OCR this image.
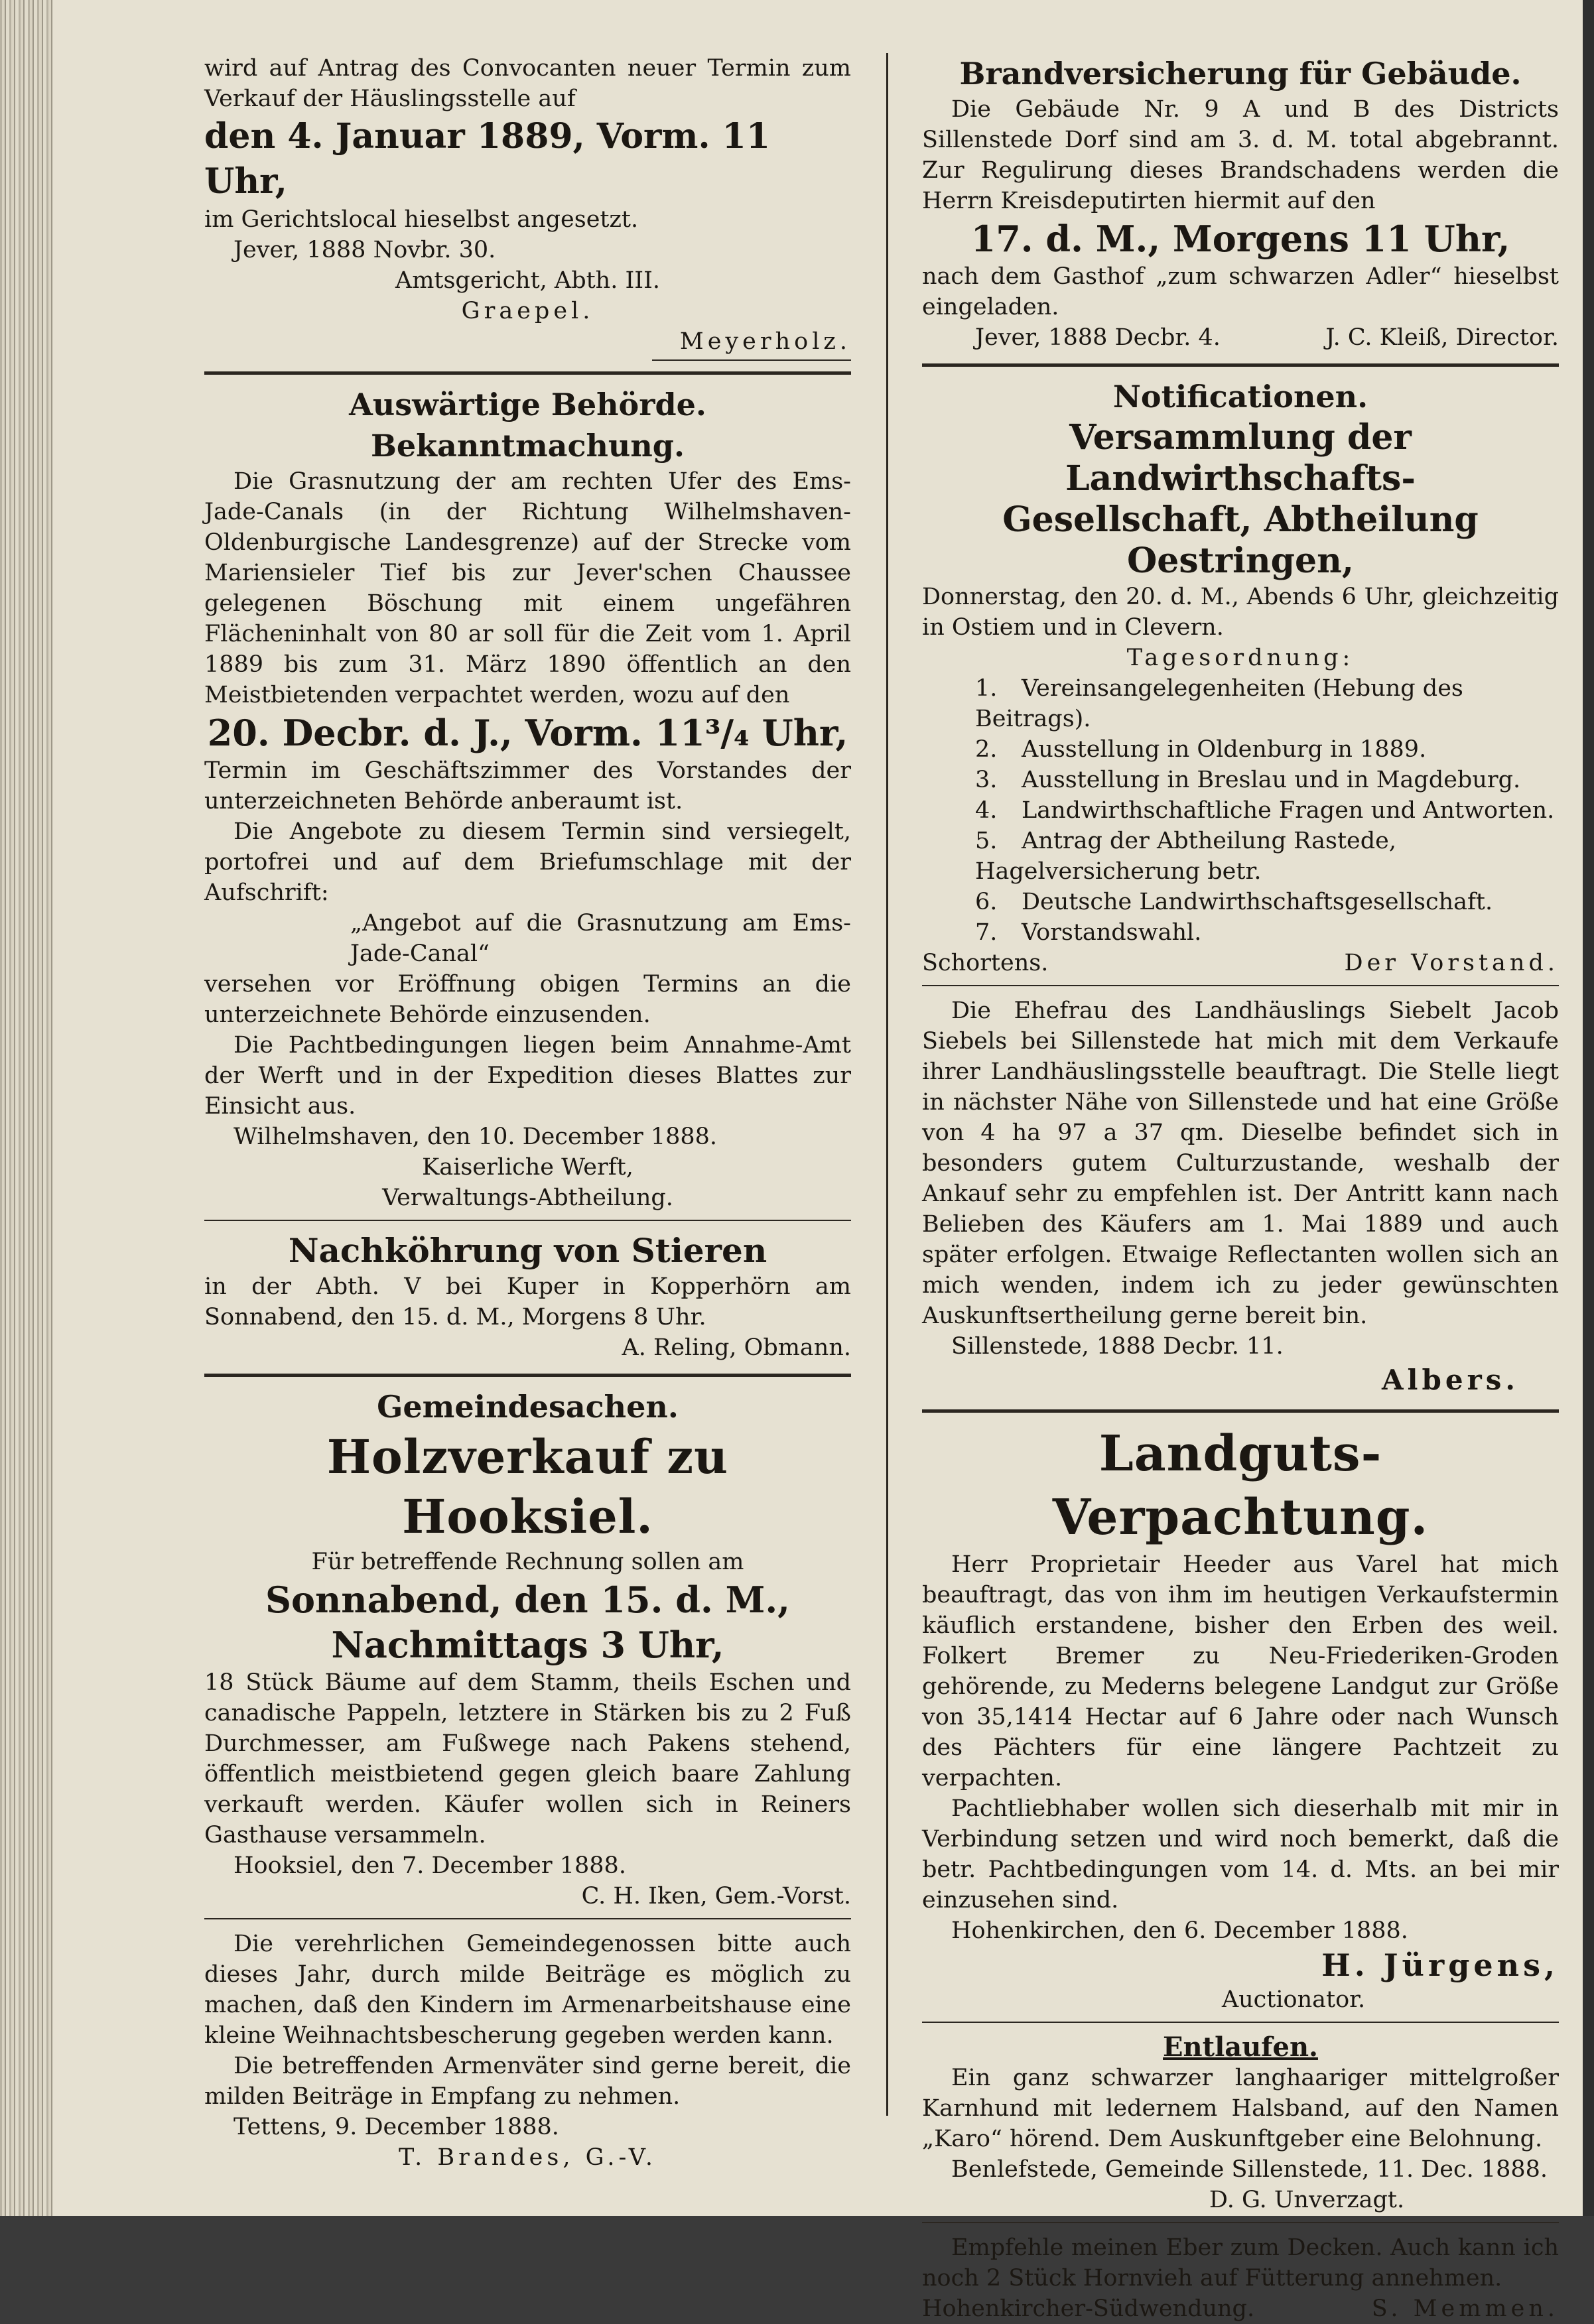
wird auf Antrag des Convocanten neuer Termin zum Verkauf der Häuslingsstelle auf

den 4. Januar 1889, Vorm. 11 Uhr,

im Gerichtslocal hieselbst angesetzt.

Jever, 1888 Novbr. 30.

Amtsgericht, Abth. III.

Graepel.

Meyerholz.

Auswärtige Behörde.

Bekanntmachung.

Die Grasnutzung der am rechten Ufer des Ems-Jade-Canals (in der Richtung Wilhelmshaven-Oldenburgische Landesgrenze) auf der Strecke vom Mariensieler Tief bis zur Jever'schen Chaussee gelegenen Böschung mit einem ungefähren Flächeninhalt von 80 ar soll für die Zeit vom 1. April 1889 bis zum 31. März 1890 öffentlich an den Meistbietenden verpachtet werden, wozu auf den

20. Decbr. d. J., Vorm. 11³/₄ Uhr,

Termin im Geschäftszimmer des Vorstandes der unterzeichneten Behörde anberaumt ist.

Die Angebote zu diesem Termin sind versiegelt, portofrei und auf dem Briefumschlage mit der Aufschrift:

„Angebot auf die Grasnutzung am Ems-Jade-Canal“

versehen vor Eröffnung obigen Termins an die unterzeichnete Behörde einzusenden.

Die Pachtbedingungen liegen beim Annahme-Amt der Werft und in der Expedition dieses Blattes zur Einsicht aus.

Wilhelmshaven, den 10. December 1888.

Kaiserliche Werft,

Verwaltungs-Abtheilung.

Nachköhrung von Stieren

in der Abth. V bei Kuper in Kopperhörn am Sonnabend, den 15. d. M., Morgens 8 Uhr.

A. Reling, Obmann.

Gemeindesachen.

Holzverkauf zu Hooksiel.

Für betreffende Rechnung sollen am

Sonnabend, den 15. d. M.,

Nachmittags 3 Uhr,

18 Stück Bäume auf dem Stamm, theils Eschen und canadische Pappeln, letztere in Stärken bis zu 2 Fuß Durchmesser, am Fußwege nach Pakens stehend, öffentlich meistbietend gegen gleich baare Zahlung verkauft werden. Käufer wollen sich in Reiners Gasthause versammeln.

Hooksiel, den 7. December 1888.

C. H. Iken, Gem.-Vorst.

Die verehrlichen Gemeindegenossen bitte auch dieses Jahr, durch milde Beiträge es möglich zu machen, daß den Kindern im Armenarbeitshause eine kleine Weihnachtsbescherung gegeben werden kann.

Die betreffenden Armenväter sind gerne bereit, die milden Beiträge in Empfang zu nehmen.

Tettens, 9. December 1888.

T. Brandes, G.-V.

Brandversicherung für Gebäude.

Die Gebäude Nr. 9 A und B des Districts Sillenstede Dorf sind am 3. d. M. total abgebrannt. Zur Regulirung dieses Brandschadens werden die Herrn Kreisdeputirten hiermit auf den

17. d. M., Morgens 11 Uhr,

nach dem Gasthof „zum schwarzen Adler“ hieselbst eingeladen.

Jever, 1888 Decbr. 4.	J. C. Kleiß, Director.

Notificationen.

Versammlung der Landwirthschafts-

Gesellschaft, Abtheilung Oestringen,

Donnerstag, den 20. d. M., Abends 6 Uhr, gleichzeitig in Ostiem und in Clevern.

Tagesordnung:

1. Vereinsangelegenheiten (Hebung des Beitrags).
2. Ausstellung in Oldenburg in 1889.
3. Ausstellung in Breslau und in Magdeburg.
4. Landwirthschaftliche Fragen und Antworten.
5. Antrag der Abtheilung Rastede, Hagelversicherung betr.
6. Deutsche Landwirthschaftsgesellschaft.
7. Vorstandswahl.
Schortens.	Der Vorstand.

Die Ehefrau des Landhäuslings Siebelt Jacob Siebels bei Sillenstede hat mich mit dem Verkaufe ihrer Landhäuslingsstelle beauftragt. Die Stelle liegt in nächster Nähe von Sillenstede und hat eine Größe von 4 ha 97 a 37 qm. Dieselbe befindet sich in besonders gutem Culturzustande, weshalb der Ankauf sehr zu empfehlen ist. Der Antritt kann nach Belieben des Käufers am 1. Mai 1889 und auch später erfolgen. Etwaige Reflectanten wollen sich an mich wenden, indem ich zu jeder gewünschten Auskunftsertheilung gerne bereit bin.

Sillenstede, 1888 Decbr. 11.

Albers.

Landguts-Verpachtung.

Herr Proprietair Heeder aus Varel hat mich beauftragt, das von ihm im heutigen Verkaufstermin käuflich erstandene, bisher den Erben des weil. Folkert Bremer zu Neu-Friederiken-Groden gehörende, zu Mederns belegene Landgut zur Größe von 35,1414 Hectar auf 6 Jahre oder nach Wunsch des Pächters für eine längere Pachtzeit zu verpachten.

Pachtliebhaber wollen sich dieserhalb mit mir in Verbindung setzen und wird noch bemerkt, daß die betr. Pachtbedingungen vom 14. d. Mts. an bei mir einzusehen sind.

Hohenkirchen, den 6. December 1888.

H. Jürgens,

Auctionator.

Entlaufen.

Ein ganz schwarzer langhaariger mittelgroßer Karnhund mit ledernem Halsband, auf den Namen „Karo“ hörend. Dem Auskunftgeber eine Belohnung.

Benlefstede, Gemeinde Sillenstede, 11. Dec. 1888.

D. G. Unverzagt.

Empfehle meinen Eber zum Decken. Auch kann ich noch 2 Stück Hornvieh auf Fütterung annehmen.

Hohenkircher-Südwendung.	S. Memmen.
